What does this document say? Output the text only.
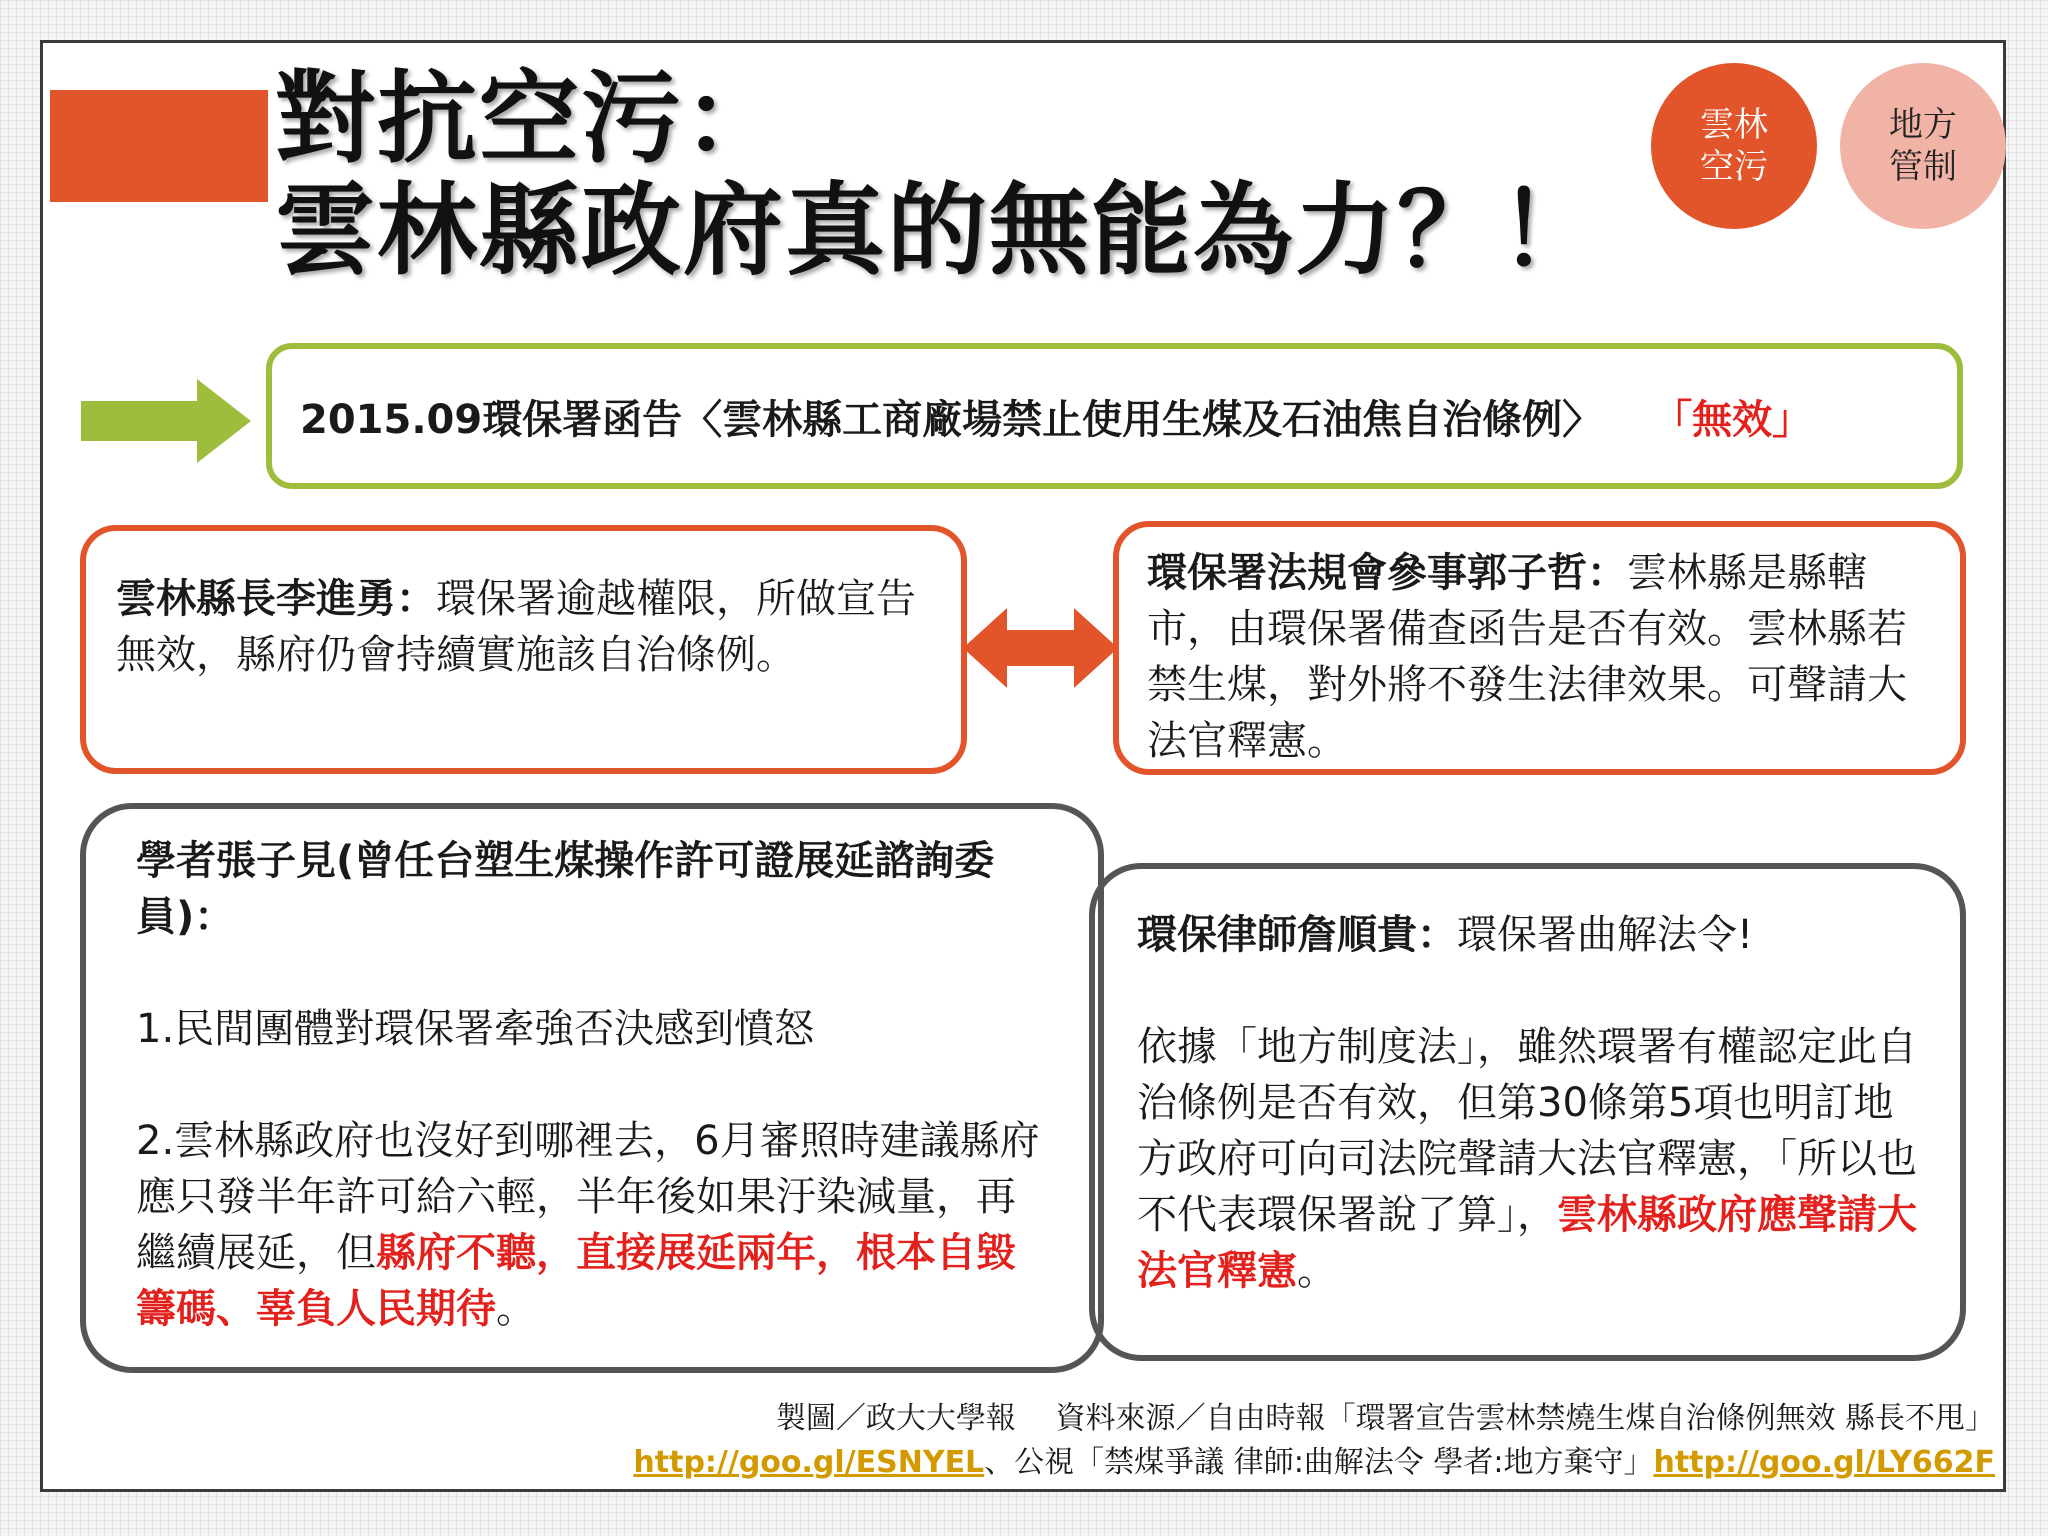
對抗空污：
雲林縣政府真的無能為力？！
雲林
空污
地方
管制
2015.09環保署函告〈雲林縣工商廠場禁止使用生煤及石油焦自治條例〉 「無效」

雲林縣長李進勇：環保署逾越權限，所做宣告無效，縣府仍會持續實施該自治條例。

環保署法規會參事郭子哲：雲林縣是縣轄市，由環保署備查函告是否有效。雲林縣若禁生煤，對外將不發生法律效果。可聲請大法官釋憲。

學者張子見(曾任台塑生煤操作許可證展延諮詢委員)：

1.民間團體對環保署牽強否決感到憤怒

2.雲林縣政府也沒好到哪裡去，6月審照時建議縣府應只發半年許可給六輕，半年後如果汙染減量，再繼續展延，但縣府不聽，直接展延兩年，根本自毀籌碼、辜負人民期待。

環保律師詹順貴：環保署曲解法令!

依據「地方制度法」，雖然環署有權認定此自治條例是否有效，但第30條第5項也明訂地方政府可向司法院聲請大法官釋憲，「所以也不代表環保署說了算」，雲林縣政府應聲請大法官釋憲。

製圖／政大大學報　 資料來源／自由時報「環署宣告雲林禁燒生煤自治條例無效 縣長不甩」
http://goo.gl/ESNYEL、公視「禁煤爭議 律師:曲解法令 學者:地方棄守」http://goo.gl/LY662F
